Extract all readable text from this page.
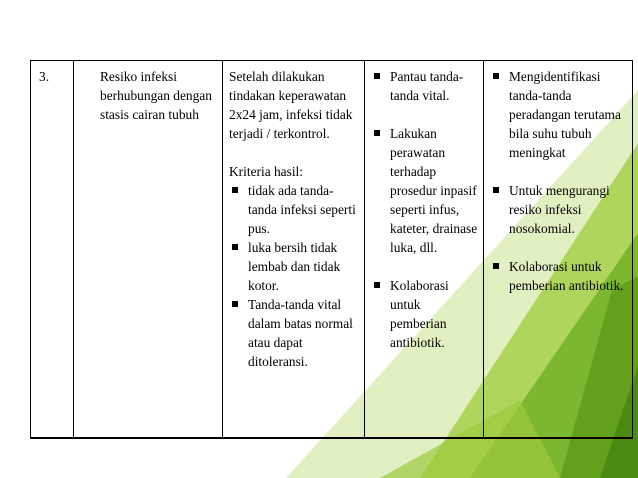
3.	Resiko infeksi berhubungan dengan stasis cairan tubuh

Setelah dilakukan tindakan keperawatan 2x24 jam, infeksi tidak terjadi / terkontrol.
Kriteria hasil:
tidak ada tanda-tanda infeksi seperti pus.
luka bersih tidak lembab dan tidak kotor.
Tanda-tanda vital dalam batas normal atau dapat ditoleransi.

Pantau tanda-tanda vital.
Lakukan perawatan terhadap prosedur inpasif seperti infus, kateter, drainase luka, dll.
Kolaborasi untuk pemberian antibiotik.

Mengidentifikasi tanda-tanda peradangan terutama bila suhu tubuh meningkat
Untuk mengurangi resiko infeksi nosokomial.
Kolaborasi untuk pemberian antibiotik.
